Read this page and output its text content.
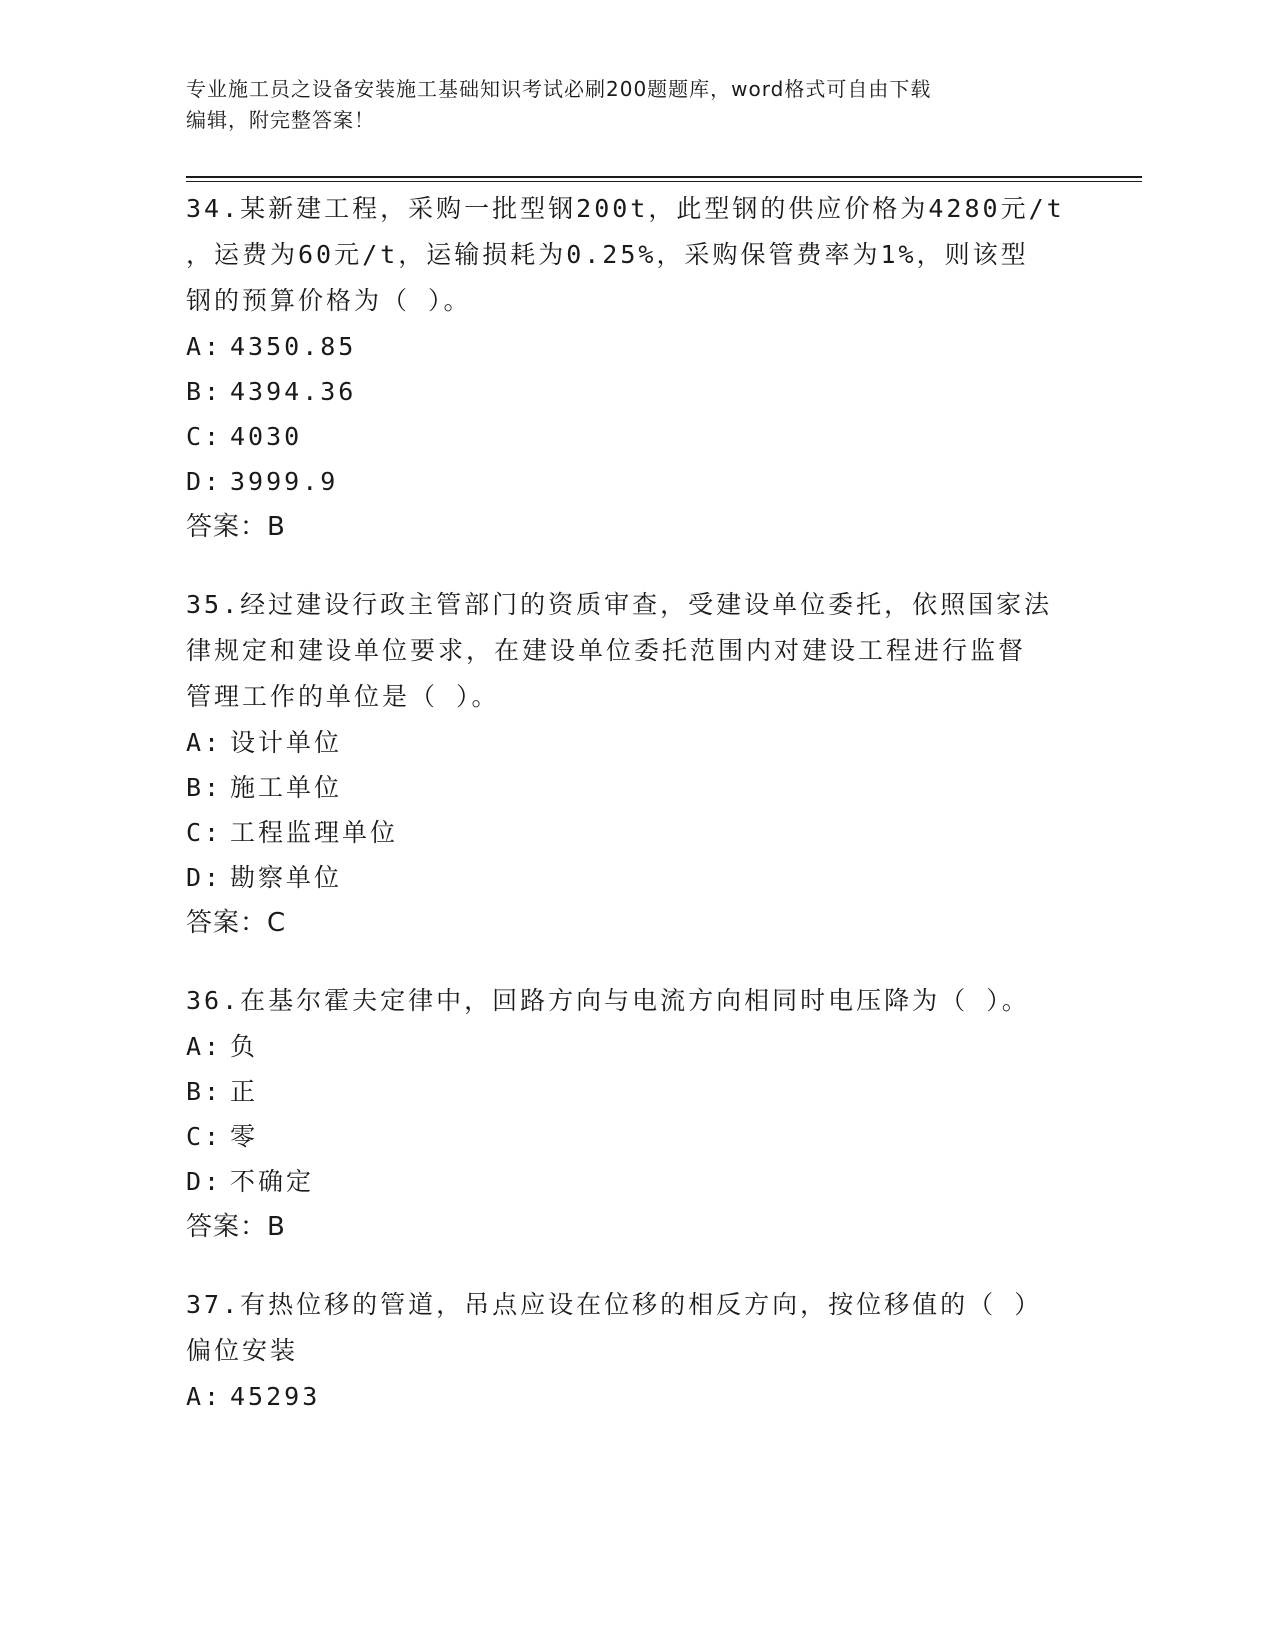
专业施工员之设备安装施工基础知识考试必刷200题题库，word格式可自由下载
编辑，附完整答案！

34.某新建工程，采购一批型钢200t，此型钢的供应价格为4280元/t

，运费为60元/t，运输损耗为0.25%，采购保管费率为1%，则该型

钢的预算价格为（ ）。

A: 4350.85

B: 4394.36

C: 4030

D: 3999.9

答案：B

35.经过建设行政主管部门的资质审查，受建设单位委托，依照国家法

律规定和建设单位要求，在建设单位委托范围内对建设工程进行监督

管理工作的单位是（ ）。

A: 设计单位

B: 施工单位

C: 工程监理单位

D: 勘察单位

答案：C

36.在基尔霍夫定律中，回路方向与电流方向相同时电压降为（ ）。

A: 负

B: 正

C: 零

D: 不确定

答案：B

37.有热位移的管道，吊点应设在位移的相反方向，按位移值的（ ）

偏位安装

A: 45293
